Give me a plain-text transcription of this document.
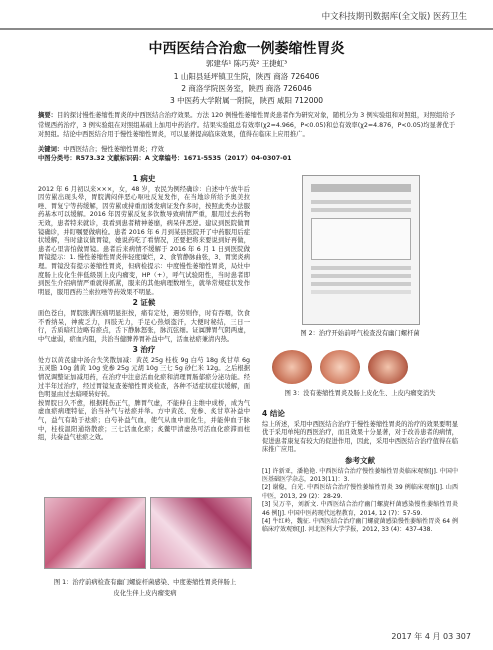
中文科技期刊数据库(全文版) 医药卫生
中西医结合治愈一例萎缩性胃炎
郭建华¹ 陈巧英² 王捷虹³
1 山阳县延坪镇卫生院，陕西 商洛 726406
2 商洛学院医务室，陕西 商洛 726046
3 中医药大学附属一附院，陕西 咸阳 712000
摘要：目的探讨慢性萎缩性胃炎的中西医结合治疗效果。方法 120 例慢性萎缩性胃炎患者作为研究对象，随机分为 3 例实验组和对照组，对照组给予常规西药治疗，3 例实验组在对照组基础上加用中药治疗。结果实验组总有效率(χ2=4.966，P<0.05)和总有效率(χ2=4.876，P<0.05)均显著优于对照组。结论中西医结合用于慢性萎缩性胃炎，可以显著提高临床效果，值得在临床上应用推广。
关键词：中西医结合；慢性萎缩性胃炎；疗效
中图分类号：R573.32 文献标识码：A 文章编号：1671-5535（2017）04-0307-01
1 病史
2012 年 6 月初以来×××，女，48 岁，农民为例经确诊：自述中午放牛后因劳累出现头晕，胃脘满闷伴恶心呕吐反复发作，在当地诊所给予奥美拉唑、胃复宁等药缓解，因劳累或持重而诱发病证发作多时，按照此类办法服药基本可以缓解。2016 年因劳累反复多饮数导致病情严重，服用过去药物无效，患者特来就诊，我看到患者精神萎靡，病呆伴恶逆。建议到医院做胃镜确诊，并盯嘱要做病检。患者 2016 年 6 月到某县医院开了中药服用后症状缓解，当时建议做胃镜，她说药吃了看情况，还要把将来要说到好再做，患者心里害怕做胃镜。患者后来病情不缓解于 2016 年 6 月 1 日到医院做胃镜提示：1. 慢性萎缩性胃炎伴轻度糜烂，2、食管静脉曲张，3、胃窦炎病理。胃镜没有提示萎缩性胃炎，但病检提示：中度慢性萎缩性胃炎，局灶中度肠上皮化生伴低级别上皮内瘤变，HP（+），呼气试验阳性，当时患者即到医生介绍病情严重就得抓紧，服来的其他病理数增生，就举常规症状发作明显，服用西药兰索拉唑等药效果不明显。
2 证候
面色苍白，胃脘胀满压痛明显拒按，痛有定处，遇劳则作，时有吞咽，饮食不香纳呆，神疲乏力，四肢无力，手足心热烦盗汗，大便时秘结，三日一行，舌质暗红边略有瘀点，舌下静脉怒张，脉沉弦细。证属脾胃气阴两虚，中气虚弱，瘀血内阻，共治当健脾养胃补益中气，活血祛瘀兼清内热。
3 治疗
处方以黄芪建中汤合失笑散加减：黄芪 25g 桂枝 9g 白芍 18g 炙甘草 6g 五灵脂 10g 蒲黄 10g 党参 25g 元胡 10g 三七 5g 砂仁米 12g。之后根据情况调整证加减用药，在治疗中注意活血化瘀和清理胃肠郁瘀分泌功能。经过半年过治疗，经过胃镜复查萎缩性胃炎检查，各种不适症状症状缓解，面色明显由过去暗哑转好转。
按胃脘日久不愈，根据耗伤正气，脾胃气虚，不能伸自主维中成桥，成为气虚血瘀病理特征，治当补气与祛瘀并举。方中黄芪、党参、炙甘草补益中气，益气有助于祛瘀；白芍补益气血，使气从血中而化生，并能伸血于脉中，桂枝温阳通络散瘀；三七活血化瘀；炙鳖甲清虚热可活血化瘀滞而柱组，共奏益气祛瘀之效。
图 1：治疗前病检查有幽门螺旋杆菌感染、中度萎缩性胃炎伴肠上
皮化生伴上皮内瘤变病
图 2：治疗开始前呼气检查没有幽门螺杆菌
图 3：没有萎缩性胃炎及肠上皮化生、上皮内瘤变消失
4 结论
综上所述，采用中西医结合治疗于慢性萎缩性胃炎的治疗的效果要明显优于采用单纯的西医治疗，而且效果十分显著，对于改善患者的病情，促进患者康复有较大的促进作用，因此，采用中西医结合治疗值得在临床推广应用。
参考文献
[1] 许新亚，潘艳艳. 中西医结合治疗慢性萎缩性胃炎临床观察[J]. 中国中医基础医学杂志，2013(11)：3.
[2] 谢稳，白光. 中西医结合治疗慢性萎缩性胃炎 39 例临床观察[J]. 山西中医，2013, 29 (2)：28-29.
[3] 吴万辛，刘新文. 中西医结合治疗幽门螺旋杆菌感染慢性萎缩性胃炎 46 例[J]. 中国中医药现代远程教育，2014, 12 (7)：57-59.
[4] 牛红岭，魏征. 中西医结合治疗幽门螺旋菌感染慢性萎缩性胃炎 64 例临床疗效观察[J]. 河北医科大学学报，2012, 33 (4)：437-438.
2017 年 4 月 03 307
